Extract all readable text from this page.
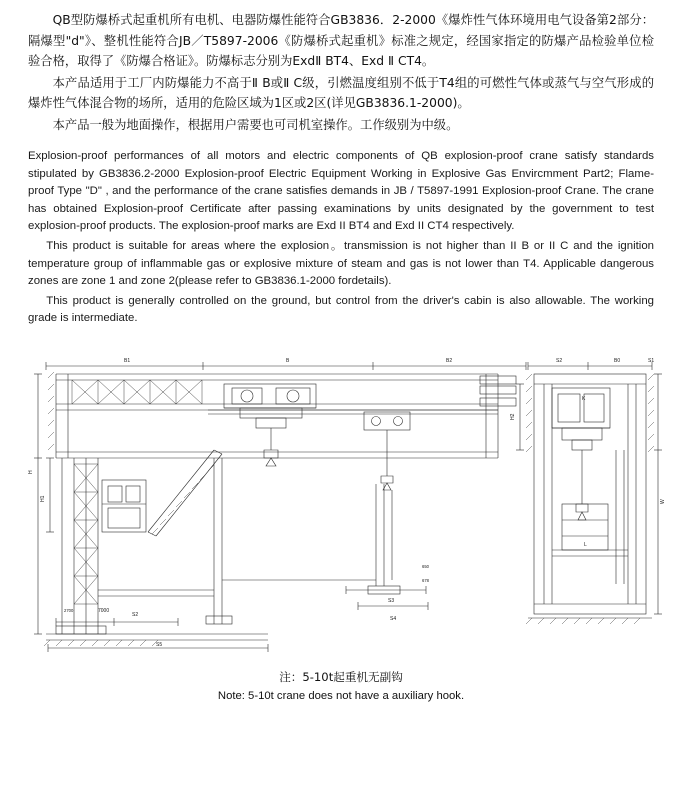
QB型防爆桥式起重机所有电机、电器防爆性能符合GB3836．2-2000《爆炸性气体环境用电气设备第2部分：隔爆型"d"》、整机性能符合JB／T5897-2006《防爆桥式起重机》标准之规定，经国家指定的防爆产品检验单位检验合格，取得了《防爆合格证》。防爆标志分别为ExdⅡ BT4、Exd Ⅱ CT4。

本产品适用于工厂内防爆能力不高于Ⅱ B或Ⅱ C级，引燃温度组别不低于T4组的可燃性气体或蒸气与空气形成的爆炸性气体混合物的场所，适用的危险区域为1区或2区(详见GB3836.1-2000)。

本产品一般为地面操作，根据用户需要也可司机室操作。工作级别为中级。

Explosion-proof performances of all motors and electric components of QB explosion-proof crane satisfy standards stipulated by GB3836.2-2000 Explosion-proof Electric Equipment Working in Explosive Gas Envircmment Part2; Flame-proof Type "D" , and the performance of the crane satisfies demands in JB / T5897-1991 Explosion-proof Crane. The crane has obtained Explosion-proof Certificate after passing examinations by units designated by the government to test explosion-proof products. The explosion-proof marks are Exd II BT4 and Exd II CT4 respectively.

This product is suitable for areas where the explosion。transmission is not higher than II B or II C and the ignition temperature group of inflammable gas or explosive mixture of steam and gas is not lower than T4. Applicable dangerous zones are zone 1 and zone 2(please refer to GB3836.1-2000 fordetails).

This product is generally controlled on the ground, but control from the driver's cabin is also allowable. The working grade is intermediate.

B1	B	B2	S2	B0	S1
H
H1
H2
W
S2
7000
2700
S5
S3
S4
650
678
K
L
注：5-10t起重机无副钩
Note: 5-10t crane does not have a auxiliary hook.
